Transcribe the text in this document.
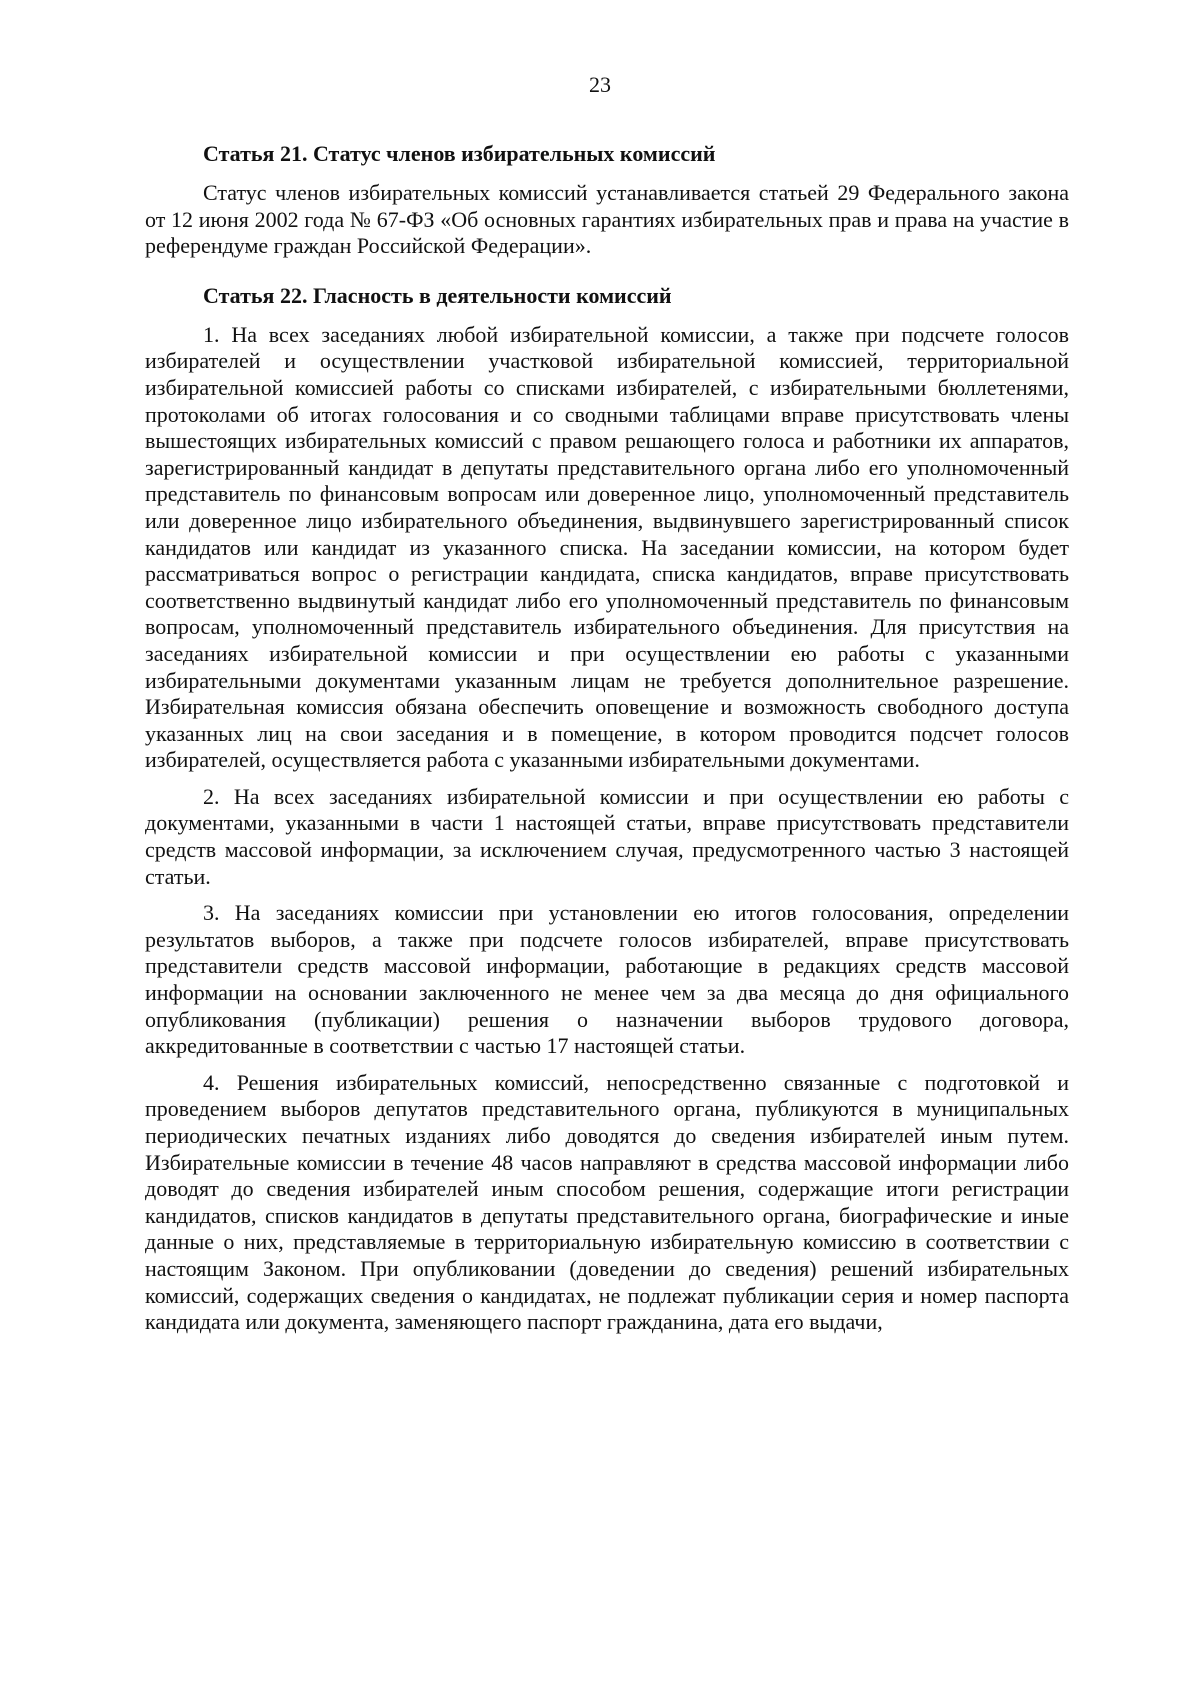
23
Статья 21. Статус членов избирательных комиссий

Статус членов избирательных комиссий устанавливается статьей 29 Федерального закона от 12 июня 2002 года № 67-ФЗ «Об основных гарантиях избирательных прав и права на участие в референдуме граждан Российской Федерации».

Статья 22. Гласность в деятельности комиссий

1. На всех заседаниях любой избирательной комиссии, а также при подсчете голосов избирателей и осуществлении участковой избирательной комиссией, территориальной избирательной комиссией работы со списками избирателей, с избирательными бюллетенями, протоколами об итогах голосования и со сводными таблицами вправе присутствовать члены вышестоящих избирательных комиссий с правом решающего голоса и работники их аппаратов, зарегистрированный кандидат в депутаты представительного органа либо его уполномоченный представитель по финансовым вопросам или доверенное лицо, уполномоченный представитель или доверенное лицо избирательного объединения, выдвинувшего зарегистрированный список кандидатов или кандидат из указанного списка. На заседании комиссии, на котором будет рассматриваться вопрос о регистрации кандидата, списка кандидатов, вправе присутствовать соответственно выдвинутый кандидат либо его уполномоченный представитель по финансовым вопросам, уполномоченный представитель избирательного объединения. Для присутствия на заседаниях избирательной комиссии и при осуществлении ею работы с указанными избирательными документами указанным лицам не требуется дополнительное разрешение. Избирательная комиссия обязана обеспечить оповещение и возможность свободного доступа указанных лиц на свои заседания и в помещение, в котором проводится подсчет голосов избирателей, осуществляется работа с указанными избирательными документами.

2. На всех заседаниях избирательной комиссии и при осуществлении ею работы с документами, указанными в части 1 настоящей статьи, вправе присутствовать представители средств массовой информации, за исключением случая, предусмотренного частью 3 настоящей статьи.

3. На заседаниях комиссии при установлении ею итогов голосования, определении результатов выборов, а также при подсчете голосов избирателей, вправе присутствовать представители средств массовой информации, работающие в редакциях средств массовой информации на основании заключенного не менее чем за два месяца до дня официального опубликования (публикации) решения о назначении выборов трудового договора, аккредитованные в соответствии с частью 17 настоящей статьи.

4. Решения избирательных комиссий, непосредственно связанные с подготовкой и проведением выборов депутатов представительного органа, публикуются в муниципальных периодических печатных изданиях либо доводятся до сведения избирателей иным путем. Избирательные комиссии в течение 48 часов направляют в средства массовой информации либо доводят до сведения избирателей иным способом решения, содержащие итоги регистрации кандидатов, списков кандидатов в депутаты представительного органа, биографические и иные данные о них, представляемые в территориальную избирательную комиссию в соответствии с настоящим Законом. При опубликовании (доведении до сведения) решений избирательных комиссий, содержащих сведения о кандидатах, не подлежат публикации серия и номер паспорта кандидата или документа, заменяющего паспорт гражданина, дата его выдачи,
